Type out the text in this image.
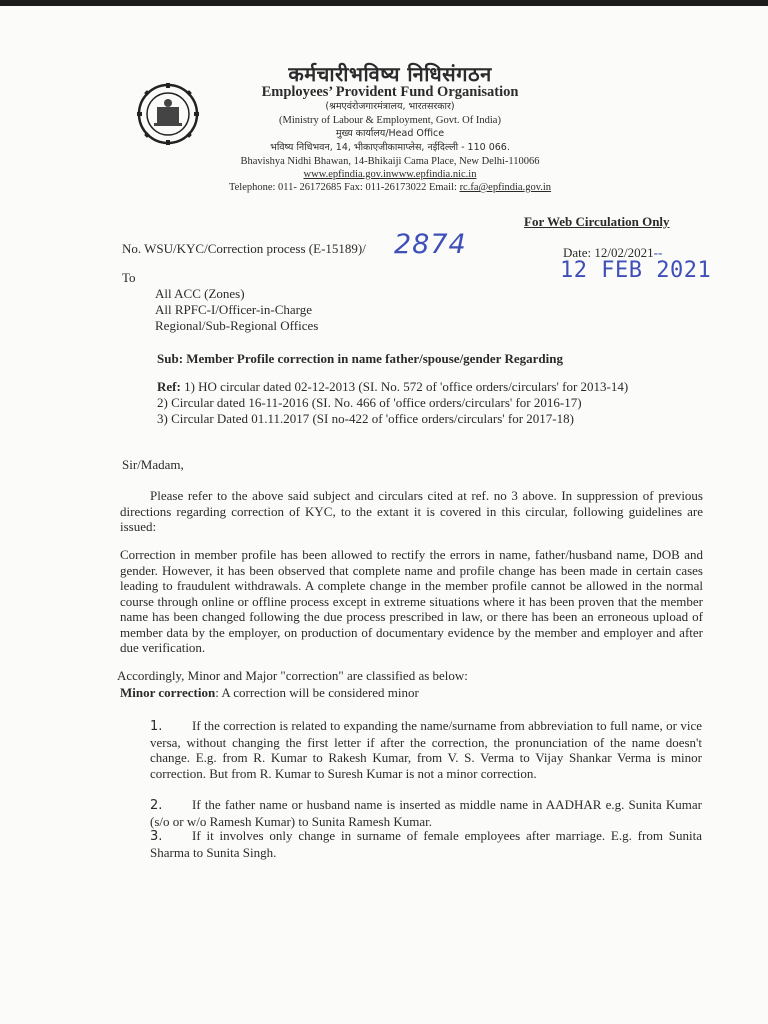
कर्मचारीभविष्य निधिसंगठन
Employees’ Provident Fund Organisation
(श्रमएवंरोजगारमंत्रालय, भारतसरकार)
(Ministry of Labour & Employment, Govt. Of India)
मुख्य कार्यालय/Head Office
भविष्य निधिभवन, 14, भीकाएजीकामाप्लेस, नईदिल्ली - 110 066.
Bhavishya Nidhi Bhawan, 14-Bhikaiji Cama Place, New Delhi-110066
www.epfindia.gov.inwww.epfindia.nic.in
Telephone: 011- 26172685 Fax: 011-26173022 Email: rc.fa@epfindia.gov.in
For Web Circulation Only
No. WSU/KYC/Correction process (E-15189)/ 2874	Date: 12/02/2021--
12 FEB 2021
To
All ACC (Zones)
All RPFC-I/Officer-in-Charge
Regional/Sub-Regional Offices
Sub: Member Profile correction in name father/spouse/gender Regarding
Ref: 1) HO circular dated 02-12-2013 (SI. No. 572 of 'office orders/circulars' for 2013-14)
2) Circular dated 16-11-2016 (SI. No. 466 of 'office orders/circulars' for 2016-17)
3) Circular Dated 01.11.2017 (SI no-422 of 'office orders/circulars' for 2017-18)
Sir/Madam,
Please refer to the above said subject and circulars cited at ref. no 3 above. In suppression of previous directions regarding correction of KYC, to the extant it is covered in this circular, following guidelines are issued:
Correction in member profile has been allowed to rectify the errors in name, father/husband name, DOB and gender. However, it has been observed that complete name and profile change has been made in certain cases leading to fraudulent withdrawals. A complete change in the member profile cannot be allowed in the normal course through online or offline process except in extreme situations where it has been proven that the member name has been changed following the due process prescribed in law, or there has been an erroneous upload of member data by the employer, on production of documentary evidence by the member and employer and after due verification.
Accordingly, Minor and Major "correction" are classified as below:
Minor correction: A correction will be considered minor
1. If the correction is related to expanding the name/surname from abbreviation to full name, or vice versa, without changing the first letter if after the correction, the pronunciation of the name doesn't change. E.g. from R. Kumar to Rakesh Kumar, from V. S. Verma to Vijay Shankar Verma is minor correction. But from R. Kumar to Suresh Kumar is not a minor correction.
2. If the father name or husband name is inserted as middle name in AADHAR e.g. Sunita Kumar (s/o or w/o Ramesh Kumar) to Sunita Ramesh Kumar.
3. If it involves only change in surname of female employees after marriage. E.g. from Sunita Sharma to Sunita Singh.
